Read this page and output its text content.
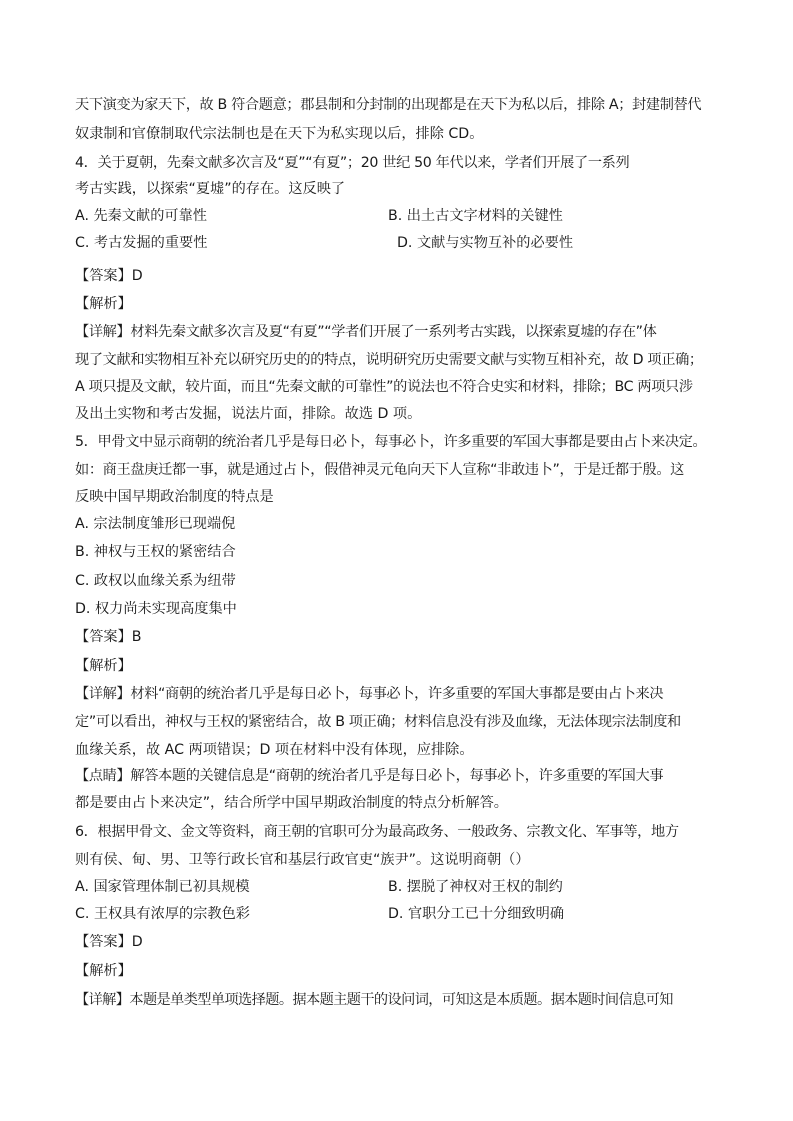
天下演变为家天下，故 B 符合题意；郡县制和分封制的出现都是在天下为私以后，排除 A；封建制替代
奴隶制和官僚制取代宗法制也是在天下为私实现以后，排除 CD。
4．关于夏朝，先秦文献多次言及“夏”“有夏”；20 世纪 50 年代以来，学者们开展了一系列
考古实践，以探索“夏墟”的存在。这反映了
A. 先秦文献的可靠性	B. 出土古文字材料的关键性
C. 考古发掘的重要性	D. 文献与实物互补的必要性
【答案】D
【解析】
【详解】材料先秦文献多次言及夏“有夏”“学者们开展了一系列考古实践，以探索夏墟的存在”体
现了文献和实物相互补充以研究历史的的特点，说明研究历史需要文献与实物互相补充，故 D 项正确；
A 项只提及文献，较片面，而且“先秦文献的可靠性”的说法也不符合史实和材料，排除；BC 两项只涉
及出土实物和考古发掘，说法片面，排除。故选 D 项。
5．甲骨文中显示商朝的统治者几乎是每日必卜，每事必卜，许多重要的军国大事都是要由占卜来决定。
如：商王盘庚迁都一事，就是通过占卜，假借神灵元龟向天下人宣称“非敢违卜”，于是迁都于殷。这
反映中国早期政治制度的特点是
A. 宗法制度雏形已现端倪
B. 神权与王权的紧密结合
C. 政权以血缘关系为纽带
D. 权力尚未实现高度集中
【答案】B
【解析】
【详解】材料“商朝的统治者几乎是每日必卜，每事必卜，许多重要的军国大事都是要由占卜来决
定”可以看出，神权与王权的紧密结合，故 B 项正确；材料信息没有涉及血缘，无法体现宗法制度和
血缘关系，故 AC 两项错误；D 项在材料中没有体现，应排除。
【点睛】解答本题的关键信息是“商朝的统治者几乎是每日必卜，每事必卜，许多重要的军国大事
都是要由占卜来决定”，结合所学中国早期政治制度的特点分析解答。
6．根据甲骨文、金文等资料，商王朝的官职可分为最高政务、一般政务、宗教文化、军事等，地方
则有侯、甸、男、卫等行政长官和基层行政官吏“族尹”。这说明商朝（）
A. 国家管理体制已初具规模	B. 摆脱了神权对王权的制约
C. 王权具有浓厚的宗教色彩	D. 官职分工已十分细致明确
【答案】D
【解析】
【详解】本题是单类型单项选择题。据本题主题干的设问词，可知这是本质题。据本题时间信息可知
